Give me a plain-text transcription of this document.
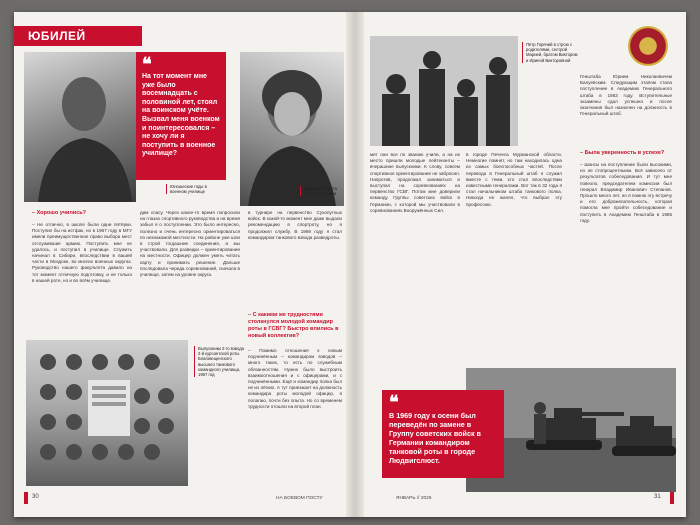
ЮБИЛЕЙ
❝
На тот момент мне уже было восемнадцать с половиной лет, стоял на воинском учёте. Вызвал меня военком и поинтересовался – не хочу ли я поступить в военное училище?
Юношеские годы в военном училище
Будущая супруга Лидия Ивановна
– Хорошо учились?

– Не отлично, в школе были одни пятёрки. Поступил бы на истфак, но в 1967 году в МГУ имели преимущественное право выбора мест отслужившие армию. Поступить мне не удалось, и поступил в училище. Служить начинал в Сибири, впоследствии в вашей части в Моздоке, во многих военных округах. Руководство нашего факультета давало на тот момент отличную подготовку, и не только в нашей роте, но и во всём училище.

дим спасу. Через какое-то время попросили на глазах спортивного руководства и на время забыл я о поступлении. Это было интересно, полезно и очень интересно ориентироваться по незнакомой местности. На районе уже шли в строй тогдашние соединения, и мы участвовали. Для разведки – ориентирование на местности. Офицер должен уметь читать карту и принимать решение. Дальше последовала череда соревнований, сначала в училище, затем на уровне округа.

в турнире на первенство Сухопутных войск. В какой-то момент мне даже выдали рекомендацию в спортроту, но я продолжил службу. В 1969 году я стал командиром танкового взвода разведроты.

– С какими же трудностями столкнулся молодой командир роты в ГСВГ? Быстро влились в новый коллектив?

– Помимо отношения к новым подчинённым – командиром взводов – много таких, то есть по служебным обязанностям. Нужно было выстроить взаимоотношения и с офицерами, и с подчинёнными. Ещё и командир полка был не из лёгких. А тут приезжает на должность командира роты молодой офицер, я полагаю, почти без опыта. Но со временем трудности отошли на второй план.

Выпускники 2-го взвода 2-й курсантской роты Благовещенского высшего танкового командного училища, 1967 год
30	НА БОЕВОМ ПОСТУ
Пётр Горячий в строю с родителями, сестрой Марией, братом Виктором и Ириной Викторовной

мет они все по званию учили, а на их место пришли молодые лейтенанты – вчерашние выпускники. К слову, совсем спортивное ориентирование не забросил. Напротив, продолжал заниматься и выступал на соревнованиях на первенство ГСВГ. Потом мне доверили команду Группы советских войск в Германии, с которой мы участвовали в соревнованиях Вооружённых Сил.

в городе Печенга Мурманской области. Немногие помнят, но там находилась одна из самых боеспособных частей. После перевода в Генеральный штаб я служил вместе с теми, кто стал впоследствии известными генералами. Вот так в 32 года я стал начальником штаба танкового полка. Никогда не жалел, что выбрал эту профессию.

Генштаба Юрием Николаевичем Балуевским. Следующим этапом стала поступление в Академию Генерального штаба в 1983 году. Вступительные экзамены сдал успешно и после окончания был назначен на должность в Генеральный штаб.

– Была уверенность в успехе?

– Шансы на поступление были высокими, но не стопроцентными. Всё зависело от результатов собеседования. И тут мне повезло, председателем комиссии был генерал Владимир Иванович Степанов. Прошло много лет, но я помню эту встречу и его доброжелательность, которая помогла мне пройти собеседование и поступить в Академию Генштаба в 1985 году.

❝
В 1969 году к осени был переведён по замене в Группу советских войск в Германии командиром танковой роты в городе Людвигслюст.
ЯНВАРЬ // 2026	31
